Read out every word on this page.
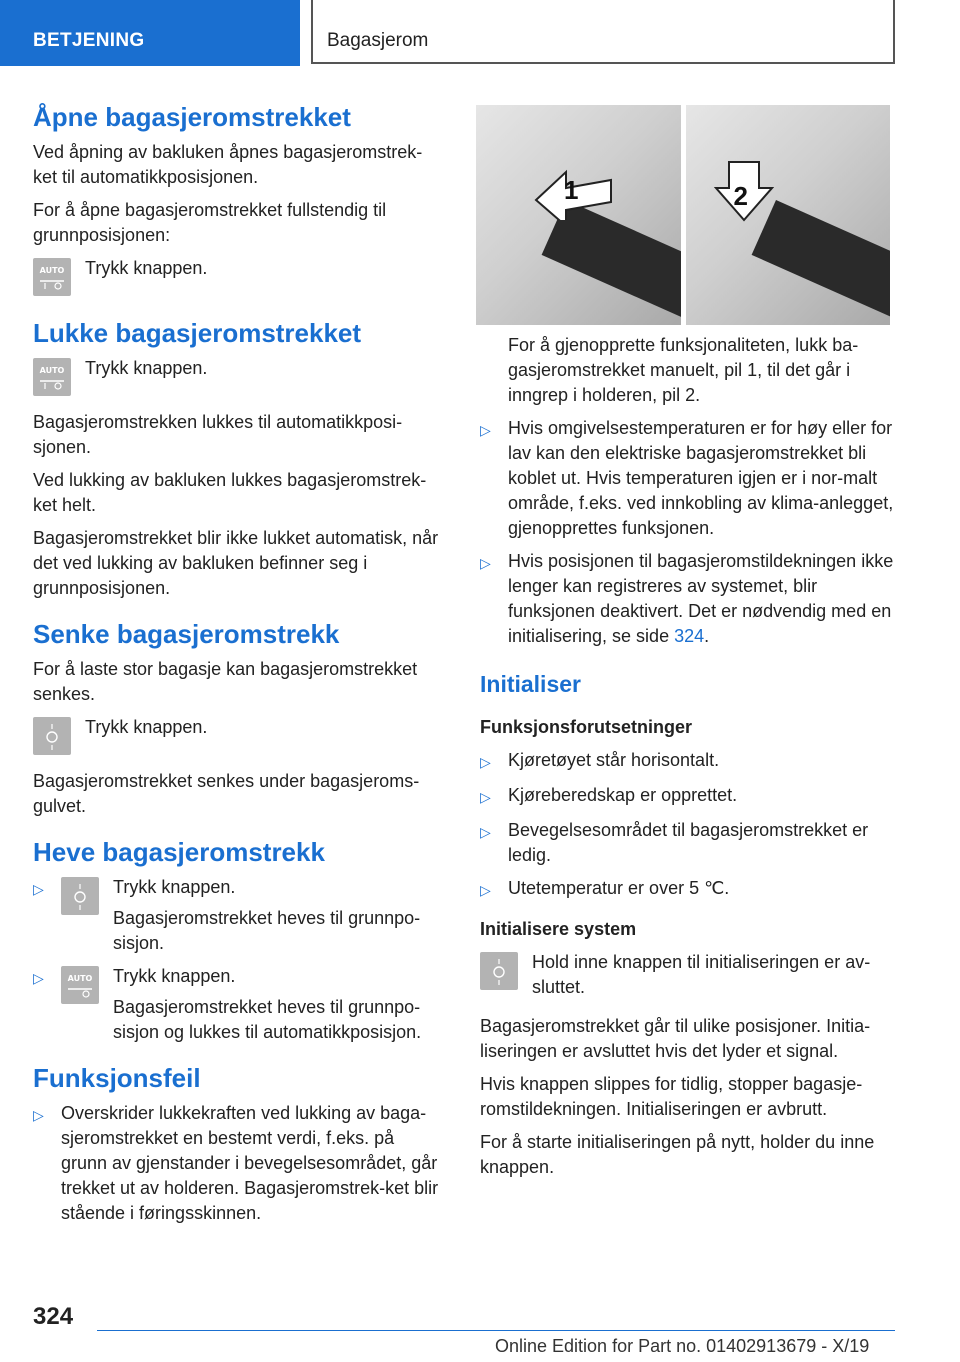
BETJENING	Bagasjerom
Åpne bagasjeromstrekket

Ved åpning av bakluken åpnes bagasjeromstrek-ket til automatikkposisjonen.

For å åpne bagasjeromstrekket fullstendig til grunnposisjonen:

AUTO Trykk knappen.
Lukke bagasjeromstrekket
AUTO Trykk knappen.

Bagasjeromstrekken lukkes til automatikkposi-sjonen.

Ved lukking av bakluken lukkes bagasjeromstrek-ket helt.

Bagasjeromstrekket blir ikke lukket automatisk, når det ved lukking av bakluken befinner seg i grunnposisjonen.

Senke bagasjeromstrekk

For å laste stor bagasje kan bagasjeromstrekket senkes.

Trykk knappen.

Bagasjeromstrekket senkes under bagasjeroms-gulvet.

Heve bagasjeromstrekk
▷	Trykk knappen.
Bagasjeromstrekket heves til grunnpo-sisjon.
▷	AUTO Trykk knappen.
Bagasjeromstrekket heves til grunnpo-sisjon og lukkes til automatikkposisjon.
Funksjonsfeil
▷ Overskrider lukkekraften ved lukking av baga-sjeromstrekket en bestemt verdi, f.eks. på grunn av gjenstander i bevegelsesområdet, går trekket ut av holderen. Bagasjeromstrek-ket blir stående i føringsskinnen.
1	2

For å gjenopprette funksjonaliteten, lukk ba-gasjeromstrekket manuelt, pil 1, til det går i inngrep i holderen, pil 2.

▷ Hvis omgivelsestemperaturen er for høy eller for lav kan den elektriske bagasjeromstrekket bli koblet ut. Hvis temperaturen igjen er i nor-malt område, f.eks. ved innkobling av klima-anlegget, gjenopprettes funksjonen.
▷ Hvis posisjonen til bagasjeromstildekningen ikke lenger kan registreres av systemet, blir funksjonen deaktivert. Det er nødvendig med en initialisering, se side 324.
Initialiser
Funksjonsforutsetninger
▷ Kjøretøyet står horisontalt.
▷ Kjøreberedskap er opprettet.
▷ Bevegelsesområdet til bagasjeromstrekket er ledig.
▷ Utetemperatur er over 5 ℃.
Initialisere system
Hold inne knappen til initialiseringen er av-sluttet.

Bagasjeromstrekket går til ulike posisjoner. Initia-liseringen er avsluttet hvis det lyder et signal.

Hvis knappen slippes for tidlig, stopper bagasje-romstildekningen. Initialiseringen er avbrutt.

For å starte initialiseringen på nytt, holder du inne knappen.

324
Online Edition for Part no. 01402913679 - X/19
